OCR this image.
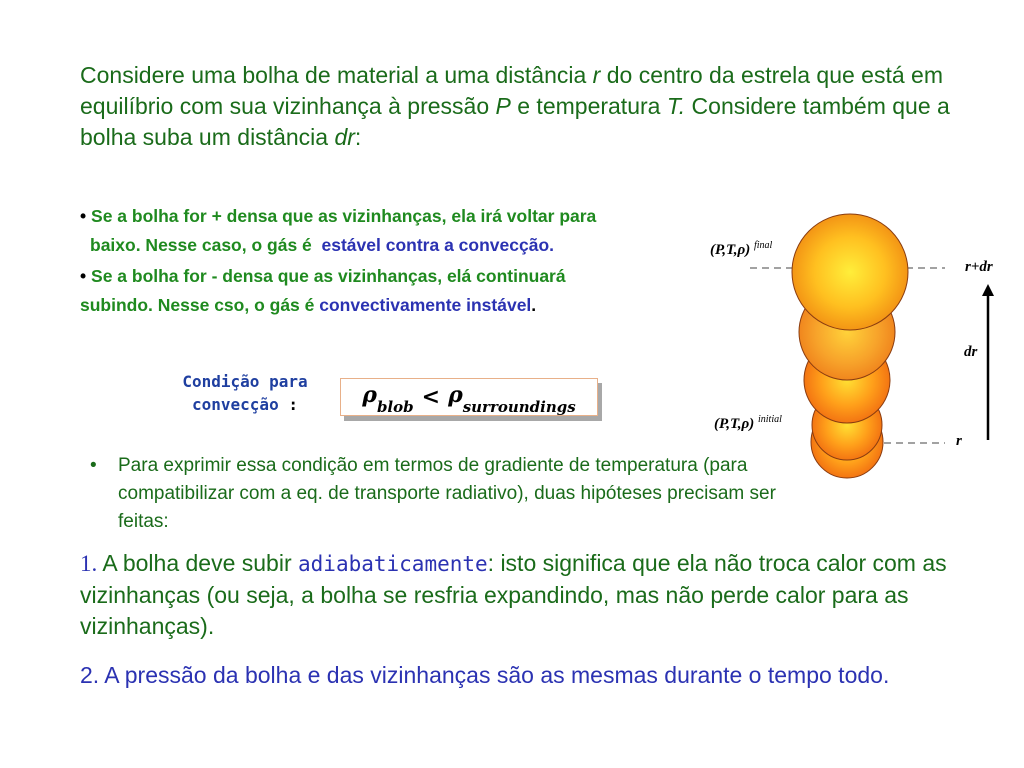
Considere uma bolha de material a uma distância r do centro da estrela que está em equilíbrio com sua vizinhança à pressão P e temperatura T. Considere também que a bolha suba um distância dr:
• Se a bolha for + densa que as vizinhanças, ela irá voltar para
baixo. Nesse caso, o gás é estável contra a convecção.
• Se a bolha for - densa que as vizinhanças, elá continuará
subindo. Nesse cso, o gás é convectivamente instável.
Condição para convecção :	$\rho_{blob} < \rho_{surroundings}$
• Para exprimir essa condição em termos de gradiente de temperatura (para compatibilizar com a eq. de transporte radiativo), duas hipóteses precisam ser feitas:
1. A bolha deve subir adiabaticamente: isto significa que ela não troca calor com as vizinhanças (ou seja, a bolha se resfria expandindo, mas não perde calor para as vizinhanças).
2. A pressão da bolha e das vizinhanças são as mesmas durante o tempo todo.
(P,T,ρ) $^{final}$
(P,T,ρ) $^{initial}$
r+dr
dr
r
